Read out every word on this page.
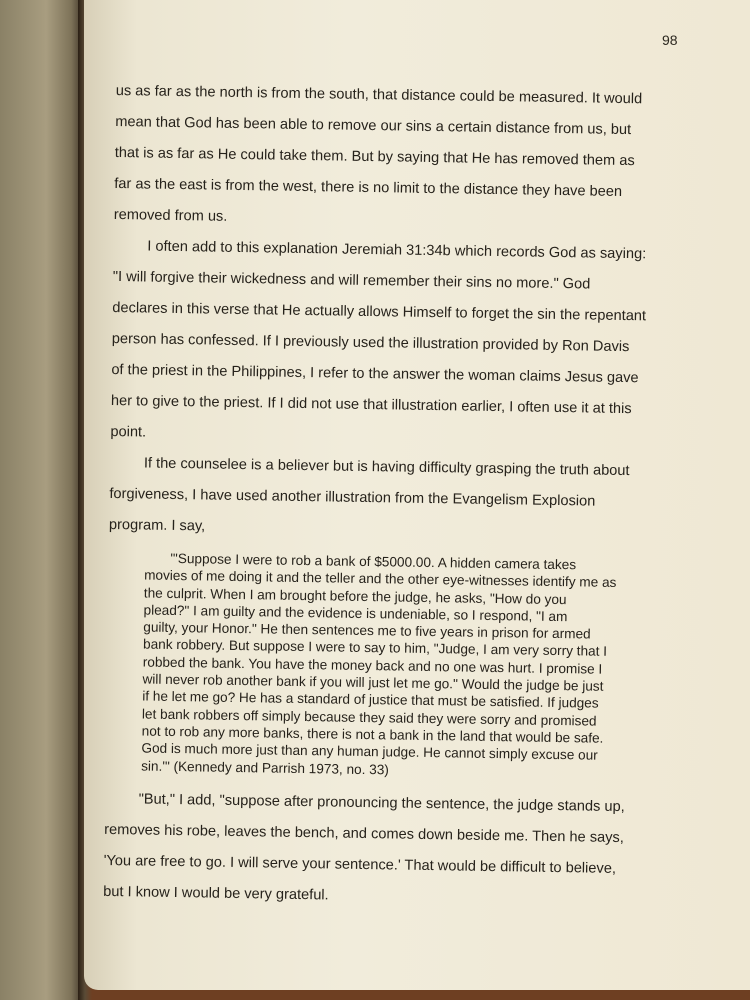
98
us as far as the north is from the south, that distance could be measured. It would
mean that God has been able to remove our sins a certain distance from us, but
that is as far as He could take them. But by saying that He has removed them as
far as the east is from the west, there is no limit to the distance they have been
removed from us.
I often add to this explanation Jeremiah 31:34b which records God as saying:
"I will forgive their wickedness and will remember their sins no more." God
declares in this verse that He actually allows Himself to forget the sin the repentant
person has confessed. If I previously used the illustration provided by Ron Davis
of the priest in the Philippines, I refer to the answer the woman claims Jesus gave
her to give to the priest. If I did not use that illustration earlier, I often use it at this
point.
If the counselee is a believer but is having difficulty grasping the truth about
forgiveness, I have used another illustration from the Evangelism Explosion
program. I say,
"'Suppose I were to rob a bank of $5000.00. A hidden camera takes
movies of me doing it and the teller and the other eye-witnesses identify me as
the culprit. When I am brought before the judge, he asks, "How do you
plead?" I am guilty and the evidence is undeniable, so I respond, "I am
guilty, your Honor." He then sentences me to five years in prison for armed
bank robbery. But suppose I were to say to him, "Judge, I am very sorry that I
robbed the bank. You have the money back and no one was hurt. I promise I
will never rob another bank if you will just let me go." Would the judge be just
if he let me go? He has a standard of justice that must be satisfied. If judges
let bank robbers off simply because they said they were sorry and promised
not to rob any more banks, there is not a bank in the land that would be safe.
God is much more just than any human judge. He cannot simply excuse our
sin.'" (Kennedy and Parrish 1973, no. 33)
"But," I add, "suppose after pronouncing the sentence, the judge stands up,
removes his robe, leaves the bench, and comes down beside me. Then he says,
'You are free to go. I will serve your sentence.' That would be difficult to believe,
but I know I would be very grateful.
